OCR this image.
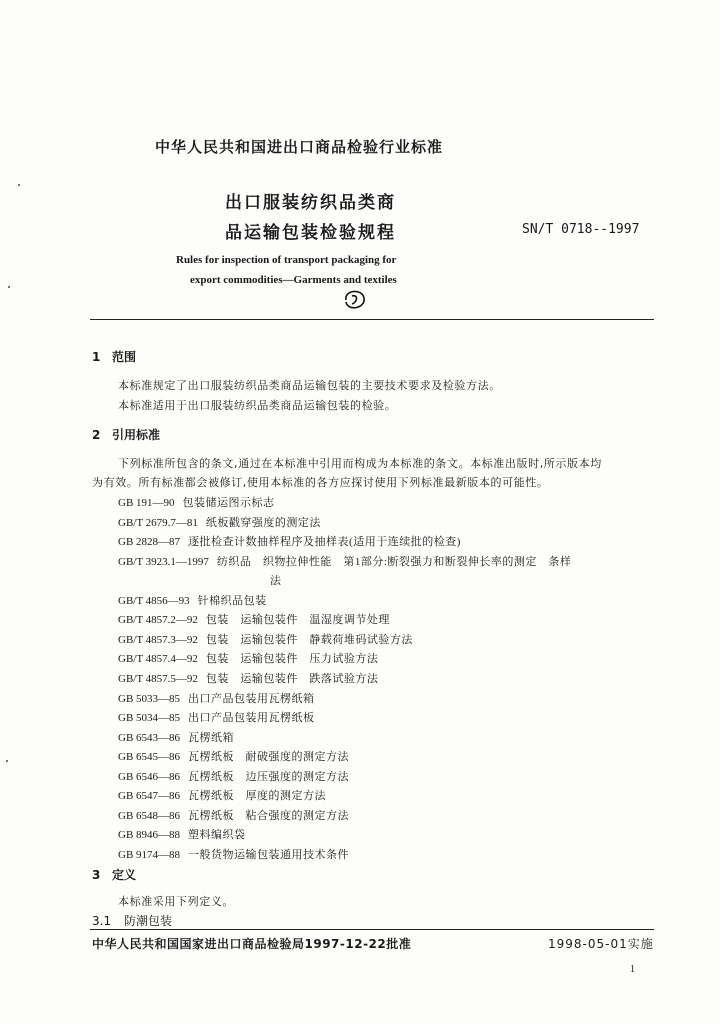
中华人民共和国进出口商品检验行业标准
出口服装纺织品类商
品运输包装检验规程	SN/T 0718--1997
Rules for inspection of transport packaging for
export commodities—Garments and textiles
1 范围
本标准规定了出口服装纺织品类商品运输包装的主要技术要求及检验方法。
本标准适用于出口服装纺织品类商品运输包装的检验。
2 引用标准
下列标准所包含的条文,通过在本标准中引用而构成为本标准的条文。本标准出版时,所示版本均
为有效。所有标准都会被修订,使用本标准的各方应探讨使用下列标准最新版本的可能性。
GB 191—90 包装储运图示标志
GB/T 2679.7—81 纸板戳穿强度的测定法
GB 2828—87 逐批检查计数抽样程序及抽样表(适用于连续批的检查)
GB/T 3923.1—1997 纺织品　织物拉伸性能　第1部分:断裂强力和断裂伸长率的测定　条样
法
GB/T 4856—93 针棉织品包装
GB/T 4857.2—92 包装　运输包装件　温湿度调节处理
GB/T 4857.3—92 包装　运输包装件　静载荷堆码试验方法
GB/T 4857.4—92 包装　运输包装件　压力试验方法
GB/T 4857.5—92 包装　运输包装件　跌落试验方法
GB 5033—85 出口产品包装用瓦楞纸箱
GB 5034—85 出口产品包装用瓦楞纸板
GB 6543—86 瓦楞纸箱
GB 6545—86 瓦楞纸板　耐破强度的测定方法
GB 6546—86 瓦楞纸板　边压强度的测定方法
GB 6547—86 瓦楞纸板　厚度的测定方法
GB 6548—86 瓦楞纸板　粘合强度的测定方法
GB 8946—88 塑料编织袋
GB 9174—88 一般货物运输包装通用技术条件
3 定义
本标准采用下列定义。
3.1 防潮包装
中华人民共和国国家进出口商品检验局1997-12-22批准	1998-05-01实施
1
